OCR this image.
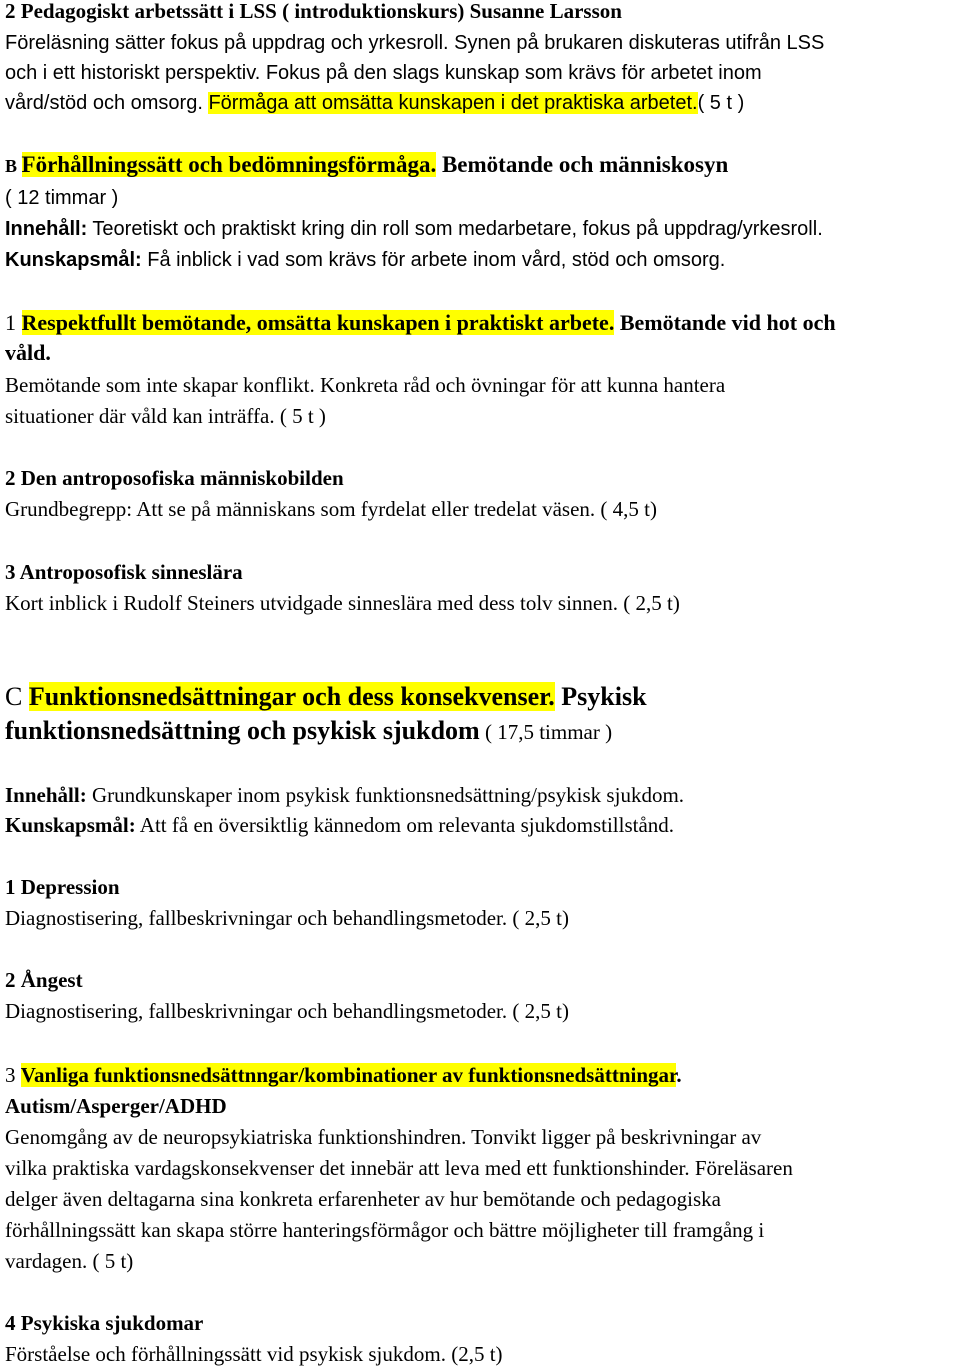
2 Pedagogiskt arbetssätt i LSS ( introduktionskurs) Susanne Larsson
Föreläsning sätter fokus på uppdrag och yrkesroll. Synen på brukaren diskuteras utifrån LSS
och i ett historiskt perspektiv. Fokus på den slags kunskap som krävs för arbetet inom
vård/stöd och omsorg. Förmåga att omsätta kunskapen i det praktiska arbetet.( 5 t )
B Förhållningssätt och bedömningsförmåga. Bemötande och människosyn
( 12 timmar )
Innehåll: Teoretiskt och praktiskt kring din roll som medarbetare, fokus på uppdrag/yrkesroll.
Kunskapsmål: Få inblick i vad som krävs för arbete inom vård, stöd och omsorg.
1 Respektfullt bemötande, omsätta kunskapen i praktiskt arbete. Bemötande vid hot och
våld.
Bemötande som inte skapar konflikt. Konkreta råd och övningar för att kunna hantera
situationer där våld kan inträffa. ( 5 t )
2 Den antroposofiska människobilden
Grundbegrepp: Att se på människans som fyrdelat eller tredelat väsen. ( 4,5 t)
3 Antroposofisk sinneslära
Kort inblick i Rudolf Steiners utvidgade sinneslära med dess tolv sinnen. ( 2,5 t)
C Funktionsnedsättningar och dess konsekvenser. Psykisk
funktionsnedsättning och psykisk sjukdom ( 17,5 timmar )
Innehåll: Grundkunskaper inom psykisk funktionsnedsättning/psykisk sjukdom.
Kunskapsmål: Att få en översiktlig kännedom om relevanta sjukdomstillstånd.
1 Depression
Diagnostisering, fallbeskrivningar och behandlingsmetoder. ( 2,5 t)
2 Ångest
Diagnostisering, fallbeskrivningar och behandlingsmetoder. ( 2,5 t)
3 Vanliga funktionsnedsättnngar/kombinationer av funktionsnedsättningar.
Autism/Asperger/ADHD
Genomgång av de neuropsykiatriska funktionshindren. Tonvikt ligger på beskrivningar av
vilka praktiska vardagskonsekvenser det innebär att leva med ett funktionshinder. Föreläsaren
delger även deltagarna sina konkreta erfarenheter av hur bemötande och pedagogiska
förhållningssätt kan skapa större hanteringsförmågor och bättre möjligheter till framgång i
vardagen. ( 5 t)
4 Psykiska sjukdomar
Förståelse och förhållningssätt vid psykisk sjukdom. (2,5 t)
